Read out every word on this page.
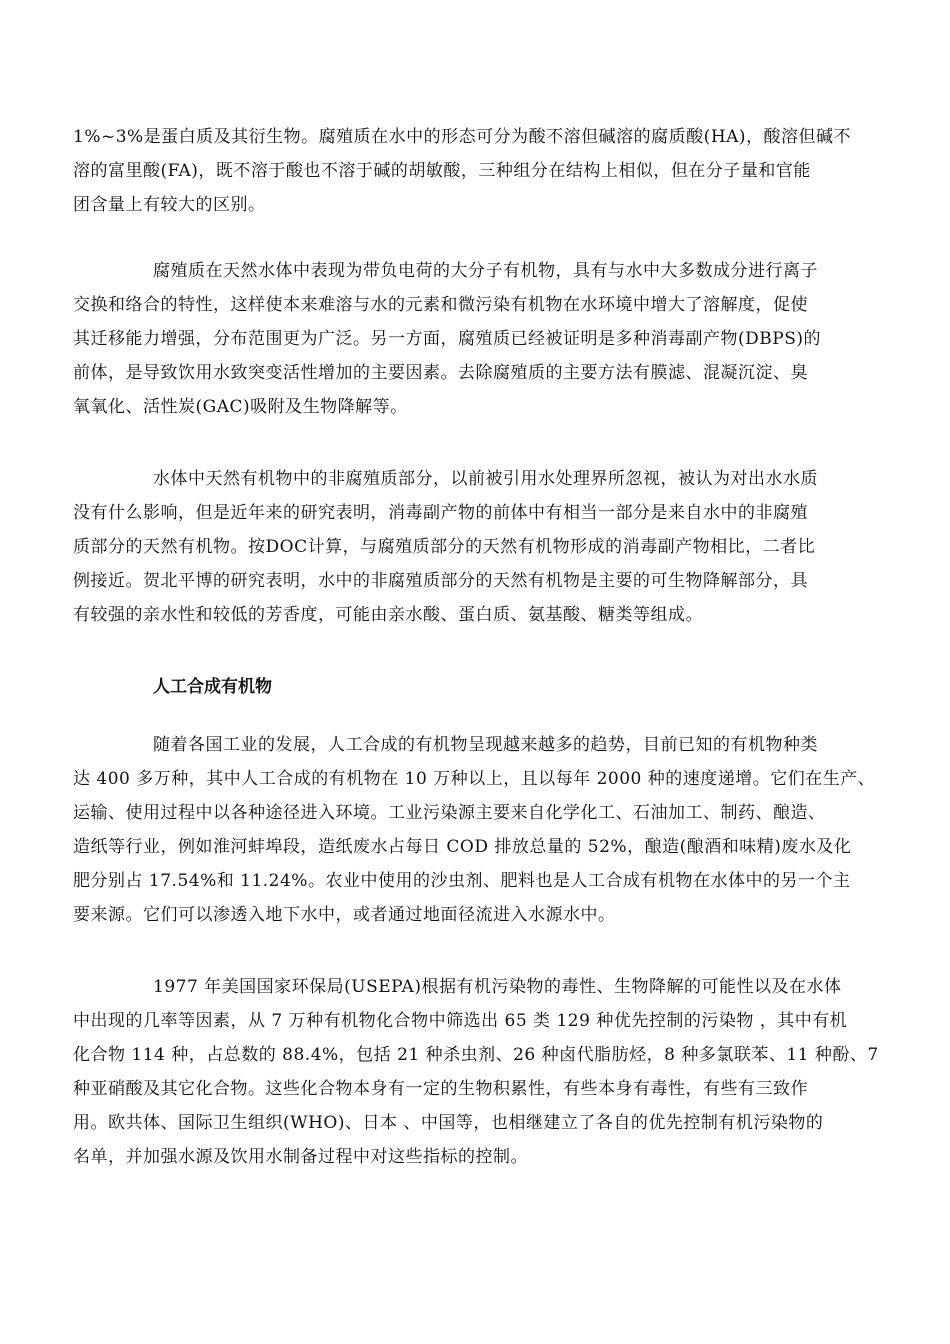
1%~3%是蛋白质及其衍生物。腐殖质在水中的形态可分为酸不溶但碱溶的腐质酸(HA)，酸溶但碱不
溶的富里酸(FA)，既不溶于酸也不溶于碱的胡敏酸，三种组分在结构上相似，但在分子量和官能
团含量上有较大的区别。

腐殖质在天然水体中表现为带负电荷的大分子有机物，具有与水中大多数成分进行离子
交换和络合的特性，这样使本来难溶与水的元素和微污染有机物在水环境中增大了溶解度，促使
其迁移能力增强，分布范围更为广泛。另一方面，腐殖质已经被证明是多种消毒副产物(DBPS)的
前体，是导致饮用水致突变活性增加的主要因素。去除腐殖质的主要方法有膜滤、混凝沉淀、臭
氧氧化、活性炭(GAC)吸附及生物降解等。

水体中天然有机物中的非腐殖质部分，以前被引用水处理界所忽视，被认为对出水水质
没有什么影响，但是近年来的研究表明，消毒副产物的前体中有相当一部分是来自水中的非腐殖
质部分的天然有机物。按DOC计算，与腐殖质部分的天然有机物形成的消毒副产物相比，二者比
例接近。贺北平博的研究表明，水中的非腐殖质部分的天然有机物是主要的可生物降解部分，具
有较强的亲水性和较低的芳香度，可能由亲水酸、蛋白质、氨基酸、糖类等组成。

人工合成有机物

随着各国工业的发展，人工合成的有机物呈现越来越多的趋势，目前已知的有机物种类
达 400 多万种，其中人工合成的有机物在 10 万种以上，且以每年 2000 种的速度递增。它们在生产、
运输、使用过程中以各种途径进入环境。工业污染源主要来自化学化工、石油加工、制药、酿造、
造纸等行业，例如淮河蚌埠段，造纸废水占每日 COD 排放总量的 52%，酿造(酿酒和味精)废水及化
肥分别占 17.54%和 11.24%。农业中使用的沙虫剂、肥料也是人工合成有机物在水体中的另一个主
要来源。它们可以渗透入地下水中，或者通过地面径流进入水源水中。

1977 年美国国家环保局(USEPA)根据有机污染物的毒性、生物降解的可能性以及在水体
中出现的几率等因素，从 7 万种有机物化合物中筛选出 65 类 129 种优先控制的污染物 ，其中有机
化合物 114 种，占总数的 88.4%，包括 21 种杀虫剂、26 种卤代脂肪烃，8 种多氯联苯、11 种酚、7
种亚硝酸及其它化合物。这些化合物本身有一定的生物积累性，有些本身有毒性，有些有三致作
用。欧共体、国际卫生组织(WHO)、日本 、中国等，也相继建立了各自的优先控制有机污染物的
名单，并加强水源及饮用水制备过程中对这些指标的控制。
